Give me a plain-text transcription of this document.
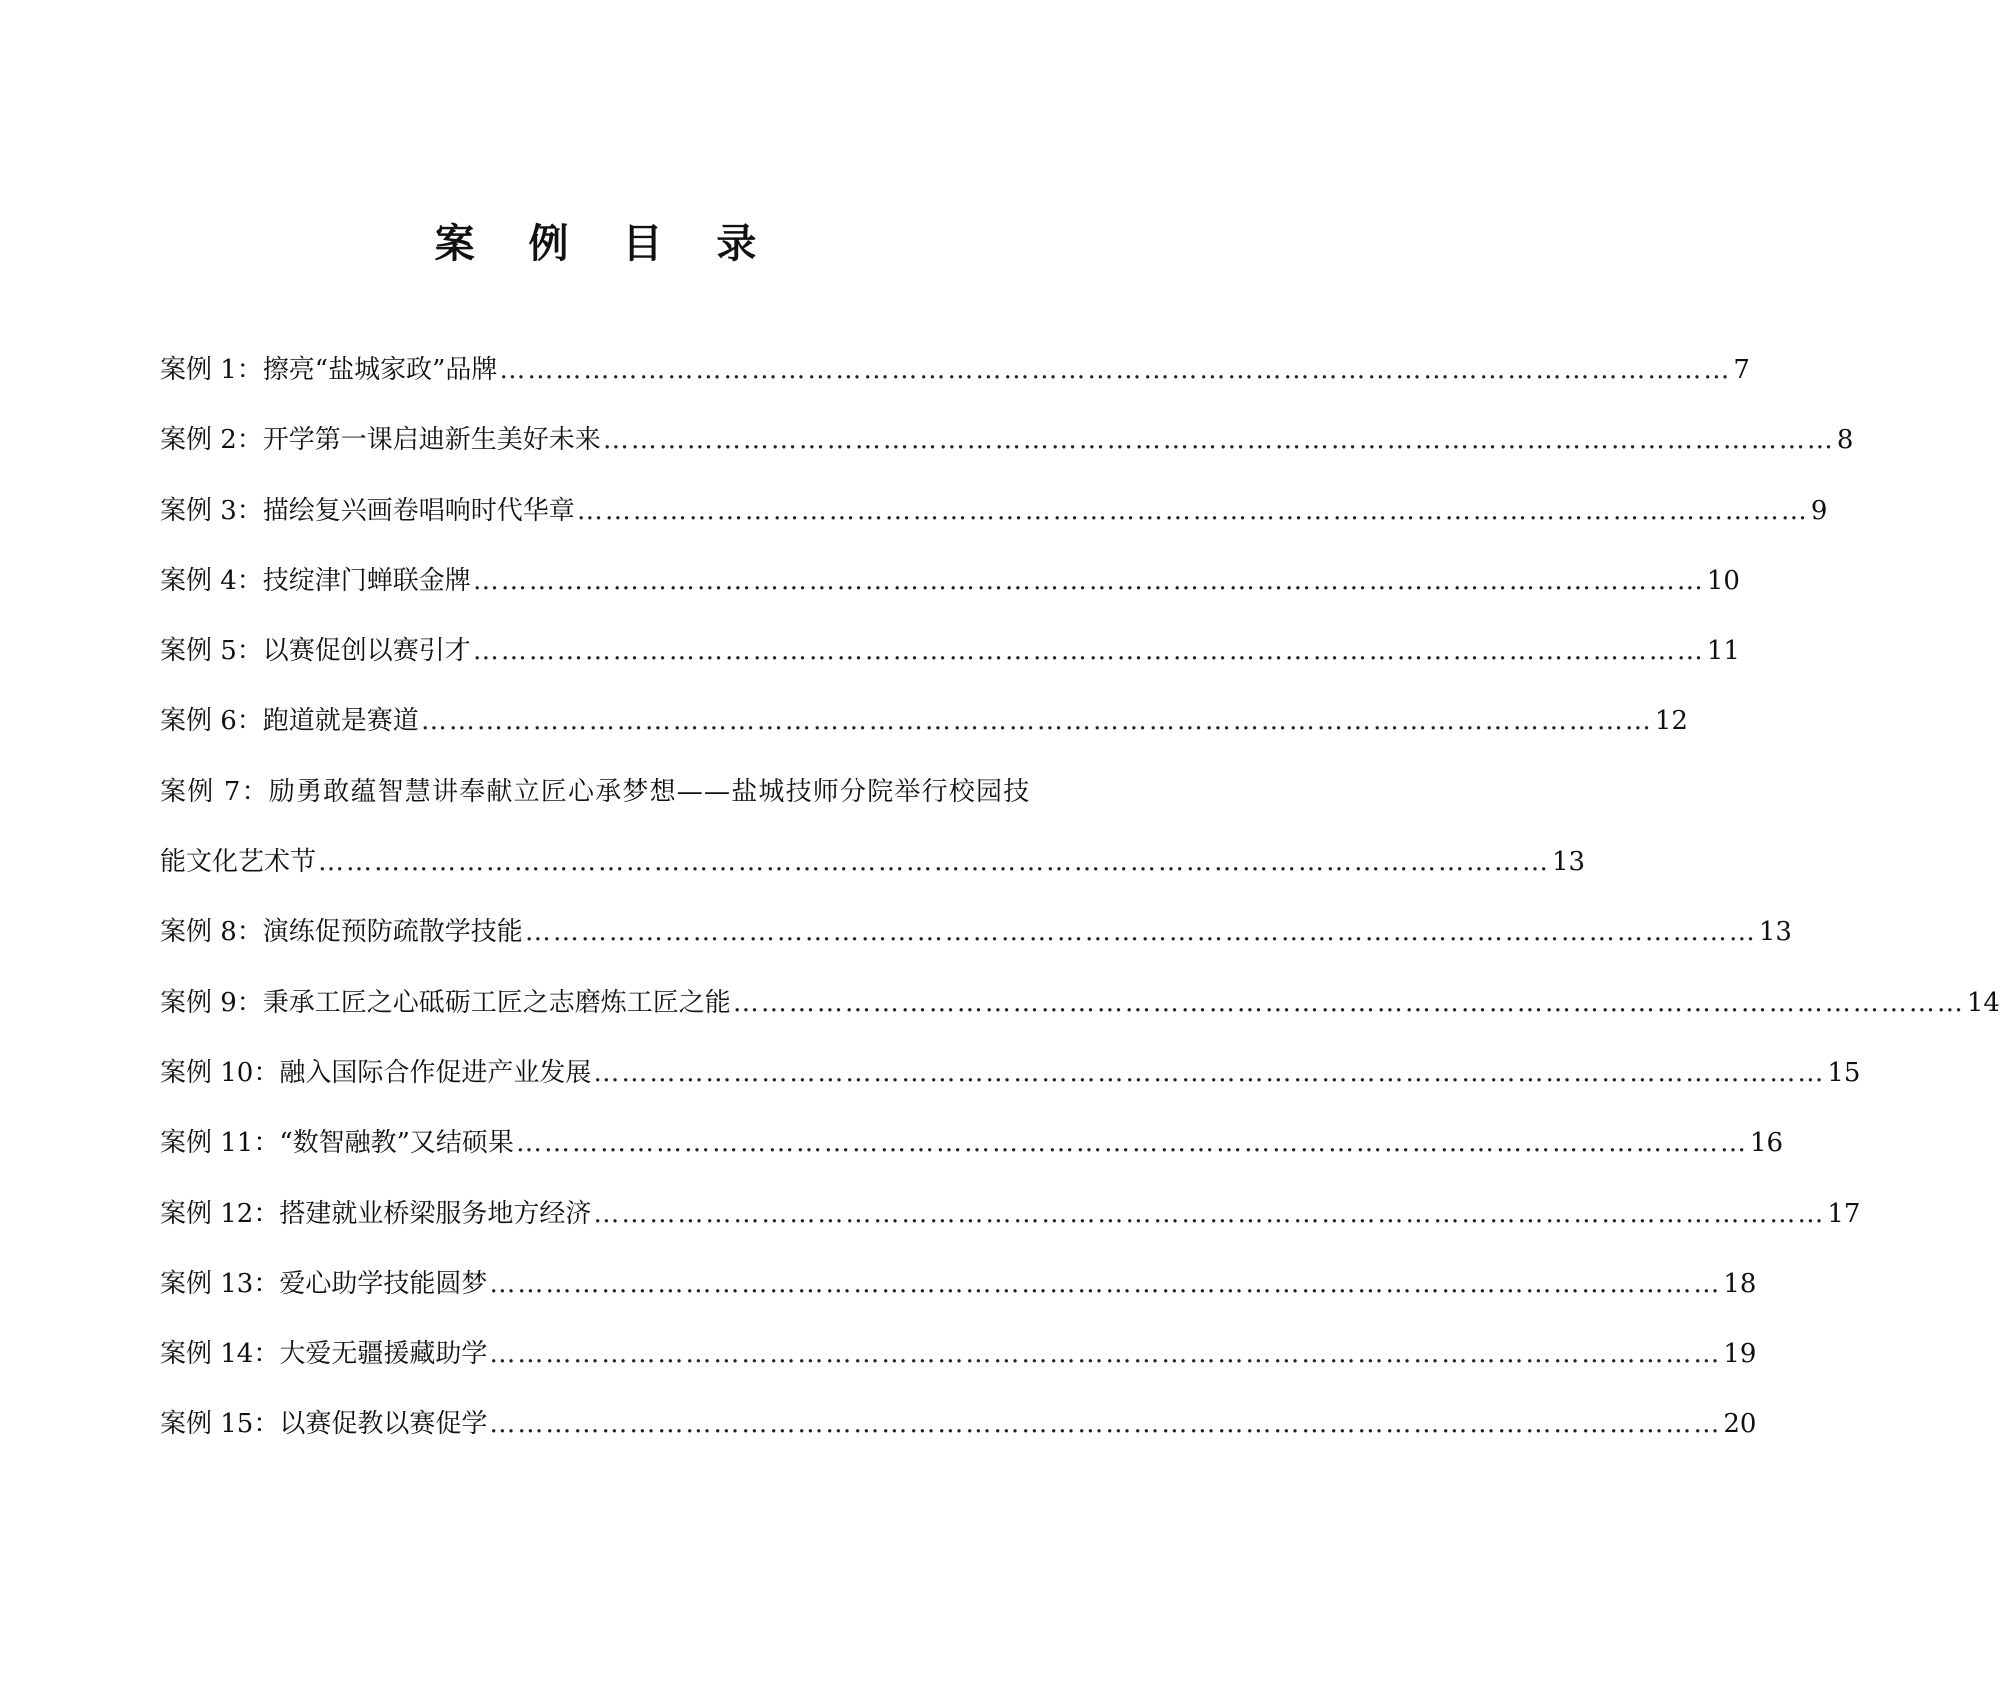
案 例 目 录
案例 1：擦亮“盐城家政”品牌 …………………………………………………………………………………………………………………… 7
案例 2：开学第一课启迪新生美好未来 …………………………………………………………………………………………………………………… 8
案例 3：描绘复兴画卷唱响时代华章 …………………………………………………………………………………………………………………… 9
案例 4：技绽津门蝉联金牌 …………………………………………………………………………………………………………………… 10
案例 5：以赛促创以赛引才 …………………………………………………………………………………………………………………… 11
案例 6：跑道就是赛道 …………………………………………………………………………………………………………………… 12
案例 7：励勇敢蕴智慧讲奉献立匠心承梦想——盐城技师分院举行校园技
能文化艺术节 …………………………………………………………………………………………………………………… 13
案例 8：演练促预防疏散学技能 …………………………………………………………………………………………………………………… 13
案例 9：秉承工匠之心砥砺工匠之志磨炼工匠之能 …………………………………………………………………………………………………………………… 14
案例 10：融入国际合作促进产业发展 …………………………………………………………………………………………………………………… 15
案例 11：“数智融教”又结硕果 …………………………………………………………………………………………………………………… 16
案例 12：搭建就业桥梁服务地方经济 …………………………………………………………………………………………………………………… 17
案例 13：爱心助学技能圆梦 …………………………………………………………………………………………………………………… 18
案例 14：大爱无疆援藏助学 …………………………………………………………………………………………………………………… 19
案例 15：以赛促教以赛促学 …………………………………………………………………………………………………………………… 20
